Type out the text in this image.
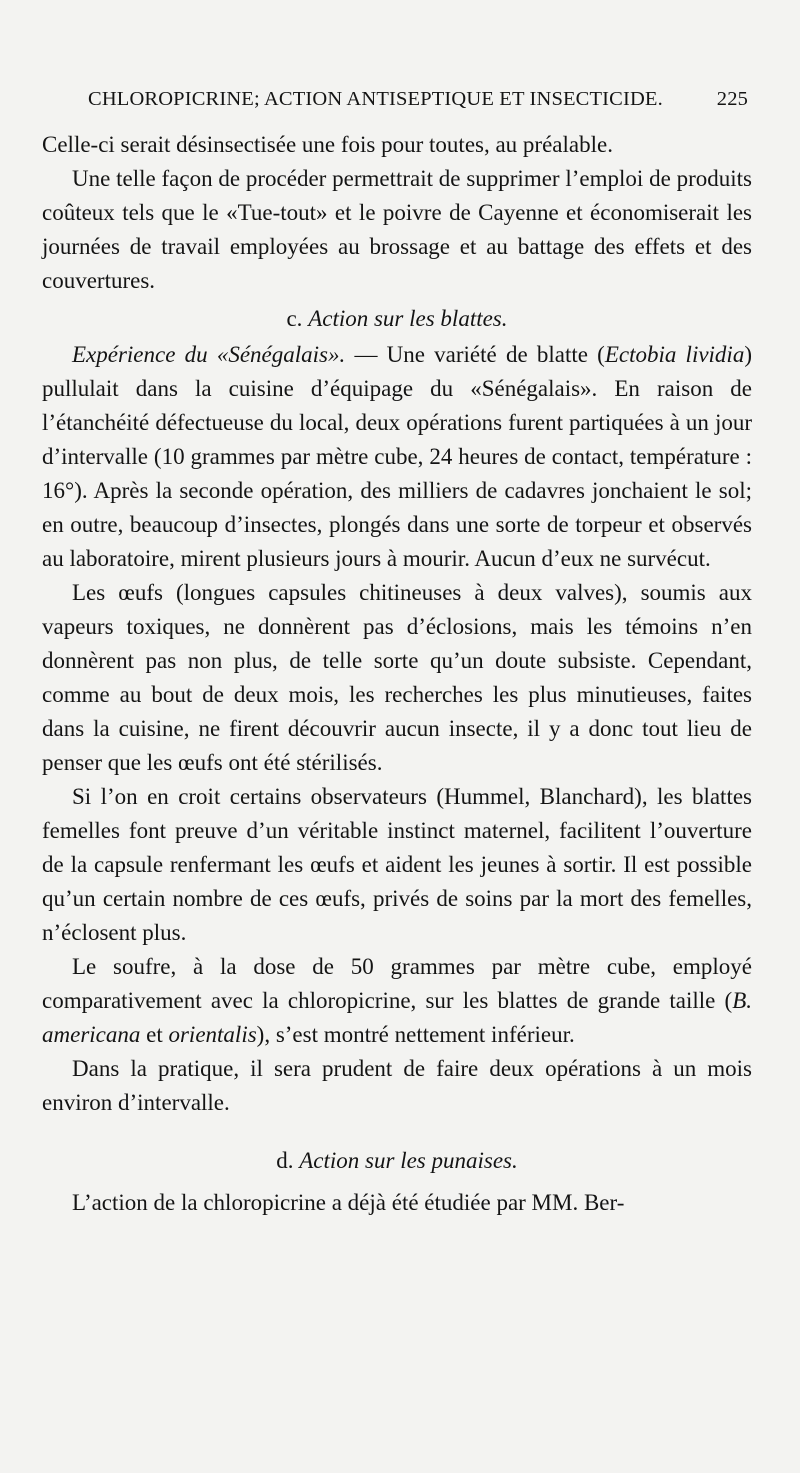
CHLOROPICRINE; ACTION ANTISEPTIQUE ET INSECTICIDE.	225

Celle-ci serait désinsectisée une fois pour toutes, au préalable.

Une telle façon de procéder permettrait de supprimer l’emploi de produits coûteux tels que le «Tue-tout» et le poivre de Cayenne et économiserait les journées de travail employées au brossage et au battage des effets et des couvertures.

c. Action sur les blattes.

Expérience du «Sénégalais». — Une variété de blatte (Ectobia lividia) pullulait dans la cuisine d’équipage du «Sénégalais». En raison de l’étanchéité défectueuse du local, deux opérations furent partiquées à un jour d’intervalle (10 grammes par mètre cube, 24 heures de contact, température : 16°). Après la seconde opération, des milliers de cadavres jonchaient le sol; en outre, beaucoup d’insectes, plongés dans une sorte de torpeur et observés au laboratoire, mirent plusieurs jours à mourir. Aucun d’eux ne survécut.

Les œufs (longues capsules chitineuses à deux valves), soumis aux vapeurs toxiques, ne donnèrent pas d’éclosions, mais les témoins n’en donnèrent pas non plus, de telle sorte qu’un doute subsiste. Cependant, comme au bout de deux mois, les recherches les plus minutieuses, faites dans la cuisine, ne firent découvrir aucun insecte, il y a donc tout lieu de penser que les œufs ont été stérilisés.

Si l’on en croit certains observateurs (Hummel, Blanchard), les blattes femelles font preuve d’un véritable instinct maternel, facilitent l’ouverture de la capsule renfermant les œufs et aident les jeunes à sortir. Il est possible qu’un certain nombre de ces œufs, privés de soins par la mort des femelles, n’éclosent plus.

Le soufre, à la dose de 50 grammes par mètre cube, employé comparativement avec la chloropicrine, sur les blattes de grande taille (B. americana et orientalis), s’est montré nettement inférieur.

Dans la pratique, il sera prudent de faire deux opérations à un mois environ d’intervalle.

d. Action sur les punaises.

L’action de la chloropicrine a déjà été étudiée par MM. Ber-
